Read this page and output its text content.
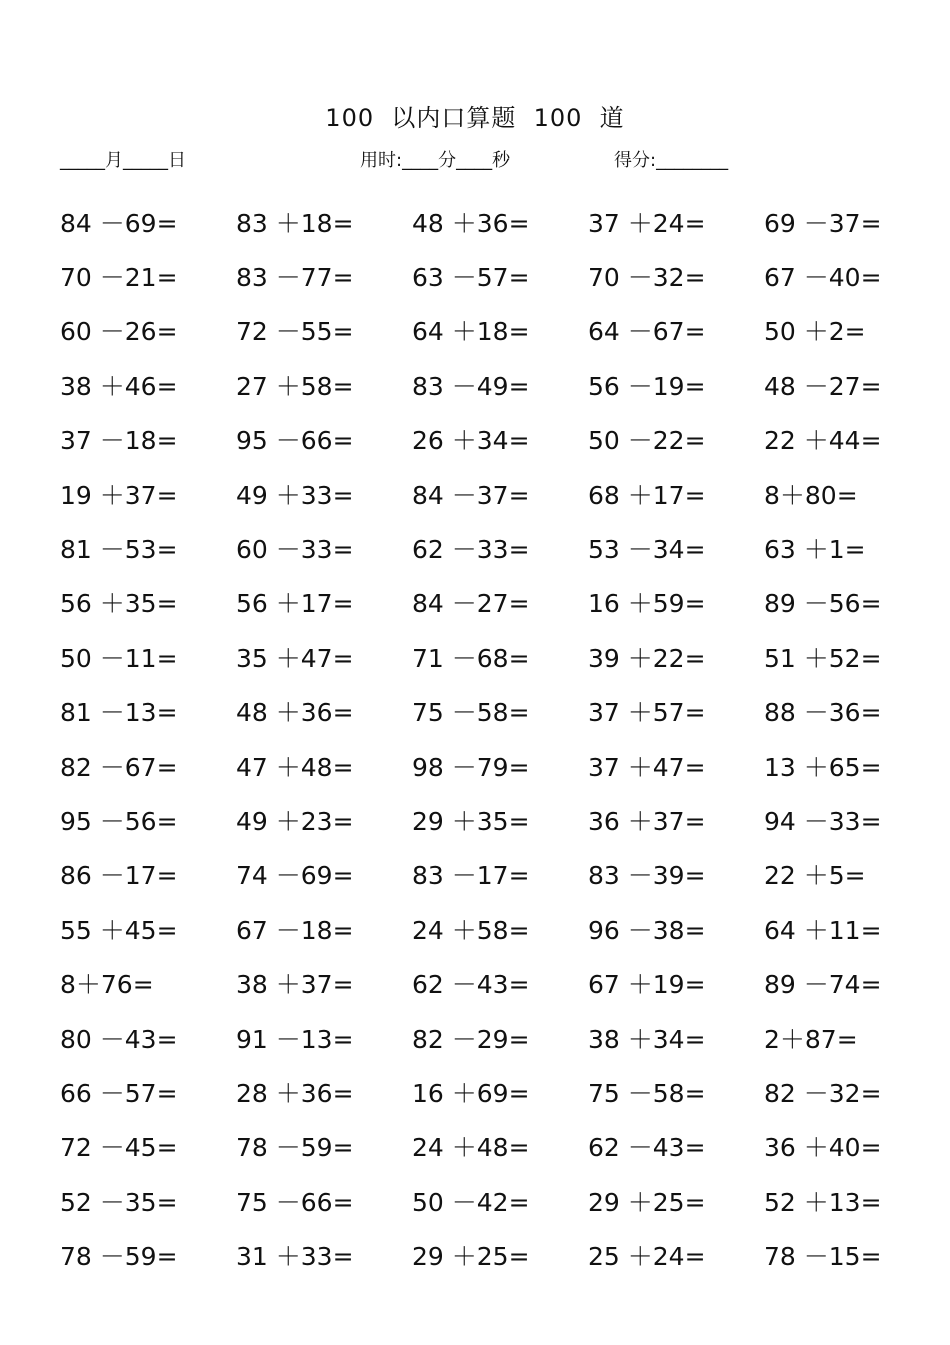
100  以内口算题  100  道
_____月_____日	用时:____分____秒	得分:________
84 －69=	83 ＋18=	48 ＋36=	37 ＋24=	69 －37=
70 －21=	83 －77=	63 －57=	70 －32=	67 －40=
60 －26=	72 －55=	64 ＋18=	64 －67=	50 ＋2=
38 ＋46=	27 ＋58=	83 －49=	56 －19=	48 －27=
37 －18=	95 －66=	26 ＋34=	50 －22=	22 ＋44=
19 ＋37=	49 ＋33=	84 －37=	68 ＋17=	8＋80=
81 －53=	60 －33=	62 －33=	53 －34=	63 ＋1=
56 ＋35=	56 ＋17=	84 －27=	16 ＋59=	89 －56=
50 －11=	35 ＋47=	71 －68=	39 ＋22=	51 ＋52=
81 －13=	48 ＋36=	75 －58=	37 ＋57=	88 －36=
82 －67=	47 ＋48=	98 －79=	37 ＋47=	13 ＋65=
95 －56=	49 ＋23=	29 ＋35=	36 ＋37=	94 －33=
86 －17=	74 －69=	83 －17=	83 －39=	22 ＋5=
55 ＋45=	67 －18=	24 ＋58=	96 －38=	64 ＋11=
8＋76=	38 ＋37=	62 －43=	67 ＋19=	89 －74=
80 －43=	91 －13=	82 －29=	38 ＋34=	2＋87=
66 －57=	28 ＋36=	16 ＋69=	75 －58=	82 －32=
72 －45=	78 －59=	24 ＋48=	62 －43=	36 ＋40=
52 －35=	75 －66=	50 －42=	29 ＋25=	52 ＋13=
78 －59=	31 ＋33=	29 ＋25=	25 ＋24=	78 －15=
